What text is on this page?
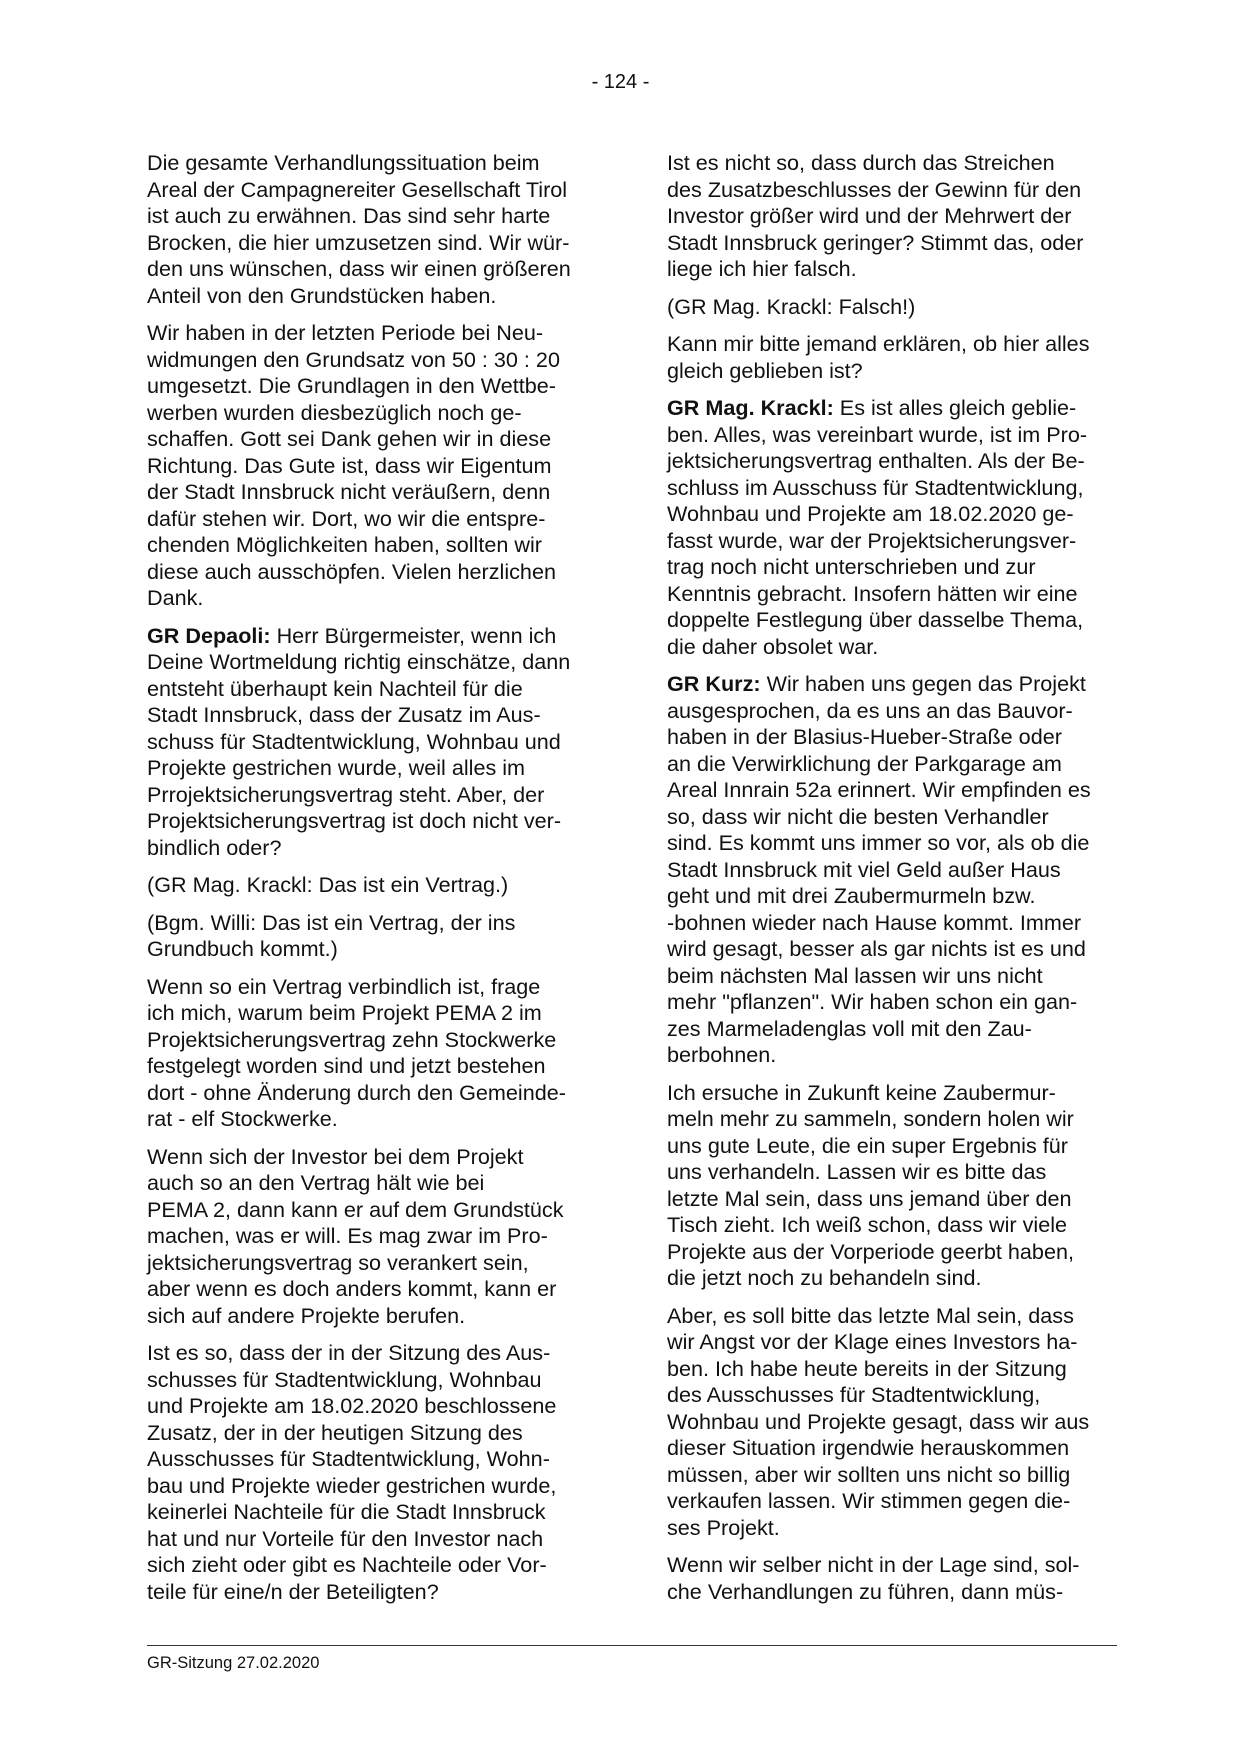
- 124 -

Die gesamte Verhandlungssituation beim
Areal der Campagnereiter Gesellschaft Tirol
ist auch zu erwähnen. Das sind sehr harte
Brocken, die hier umzusetzen sind. Wir wür-
den uns wünschen, dass wir einen größeren
Anteil von den Grundstücken haben.

Wir haben in der letzten Periode bei Neu-
widmungen den Grundsatz von 50 : 30 : 20
umgesetzt. Die Grundlagen in den Wettbe-
werben wurden diesbezüglich noch ge-
schaffen. Gott sei Dank gehen wir in diese
Richtung. Das Gute ist, dass wir Eigentum
der Stadt Innsbruck nicht veräußern, denn
dafür stehen wir. Dort, wo wir die entspre-
chenden Möglichkeiten haben, sollten wir
diese auch ausschöpfen. Vielen herzlichen
Dank.

GR Depaoli: Herr Bürgermeister, wenn ich
Deine Wortmeldung richtig einschätze, dann
entsteht überhaupt kein Nachteil für die
Stadt Innsbruck, dass der Zusatz im Aus-
schuss für Stadtentwicklung, Wohnbau und
Projekte gestrichen wurde, weil alles im
Prrojektsicherungsvertrag steht. Aber, der
Projektsicherungsvertrag ist doch nicht ver-
bindlich oder?

(GR Mag. Krackl: Das ist ein Vertrag.)

(Bgm. Willi: Das ist ein Vertrag, der ins
Grundbuch kommt.)

Wenn so ein Vertrag verbindlich ist, frage
ich mich, warum beim Projekt PEMA 2 im
Projektsicherungsvertrag zehn Stockwerke
festgelegt worden sind und jetzt bestehen
dort - ohne Änderung durch den Gemeinde-
rat - elf Stockwerke.

Wenn sich der Investor bei dem Projekt
auch so an den Vertrag hält wie bei
PEMA 2, dann kann er auf dem Grundstück
machen, was er will. Es mag zwar im Pro-
jektsicherungsvertrag so verankert sein,
aber wenn es doch anders kommt, kann er
sich auf andere Projekte berufen.

Ist es so, dass der in der Sitzung des Aus-
schusses für Stadtentwicklung, Wohnbau
und Projekte am 18.02.2020 beschlossene
Zusatz, der in der heutigen Sitzung des
Ausschusses für Stadtentwicklung, Wohn-
bau und Projekte wieder gestrichen wurde,
keinerlei Nachteile für die Stadt Innsbruck
hat und nur Vorteile für den Investor nach
sich zieht oder gibt es Nachteile oder Vor-
teile für eine/n der Beteiligten?

Ist es nicht so, dass durch das Streichen
des Zusatzbeschlusses der Gewinn für den
Investor größer wird und der Mehrwert der
Stadt Innsbruck geringer? Stimmt das, oder
liege ich hier falsch.

(GR Mag. Krackl: Falsch!)

Kann mir bitte jemand erklären, ob hier alles
gleich geblieben ist?

GR Mag. Krackl: Es ist alles gleich geblie-
ben. Alles, was vereinbart wurde, ist im Pro-
jektsicherungsvertrag enthalten. Als der Be-
schluss im Ausschuss für Stadtentwicklung,
Wohnbau und Projekte am 18.02.2020 ge-
fasst wurde, war der Projektsicherungsver-
trag noch nicht unterschrieben und zur
Kenntnis gebracht. Insofern hätten wir eine
doppelte Festlegung über dasselbe Thema,
die daher obsolet war.

GR Kurz: Wir haben uns gegen das Projekt
ausgesprochen, da es uns an das Bauvor-
haben in der Blasius-Hueber-Straße oder
an die Verwirklichung der Parkgarage am
Areal Innrain 52a erinnert. Wir empfinden es
so, dass wir nicht die besten Verhandler
sind. Es kommt uns immer so vor, als ob die
Stadt Innsbruck mit viel Geld außer Haus
geht und mit drei Zaubermurmeln bzw.
-bohnen wieder nach Hause kommt. Immer
wird gesagt, besser als gar nichts ist es und
beim nächsten Mal lassen wir uns nicht
mehr "pflanzen". Wir haben schon ein gan-
zes Marmeladenglas voll mit den Zau-
berbohnen.

Ich ersuche in Zukunft keine Zaubermur-
meln mehr zu sammeln, sondern holen wir
uns gute Leute, die ein super Ergebnis für
uns verhandeln. Lassen wir es bitte das
letzte Mal sein, dass uns jemand über den
Tisch zieht. Ich weiß schon, dass wir viele
Projekte aus der Vorperiode geerbt haben,
die jetzt noch zu behandeln sind.

Aber, es soll bitte das letzte Mal sein, dass
wir Angst vor der Klage eines Investors ha-
ben. Ich habe heute bereits in der Sitzung
des Ausschusses für Stadtentwicklung,
Wohnbau und Projekte gesagt, dass wir aus
dieser Situation irgendwie herauskommen
müssen, aber wir sollten uns nicht so billig
verkaufen lassen. Wir stimmen gegen die-
ses Projekt.

Wenn wir selber nicht in der Lage sind, sol-
che Verhandlungen zu führen, dann müs-

GR-Sitzung 27.02.2020
